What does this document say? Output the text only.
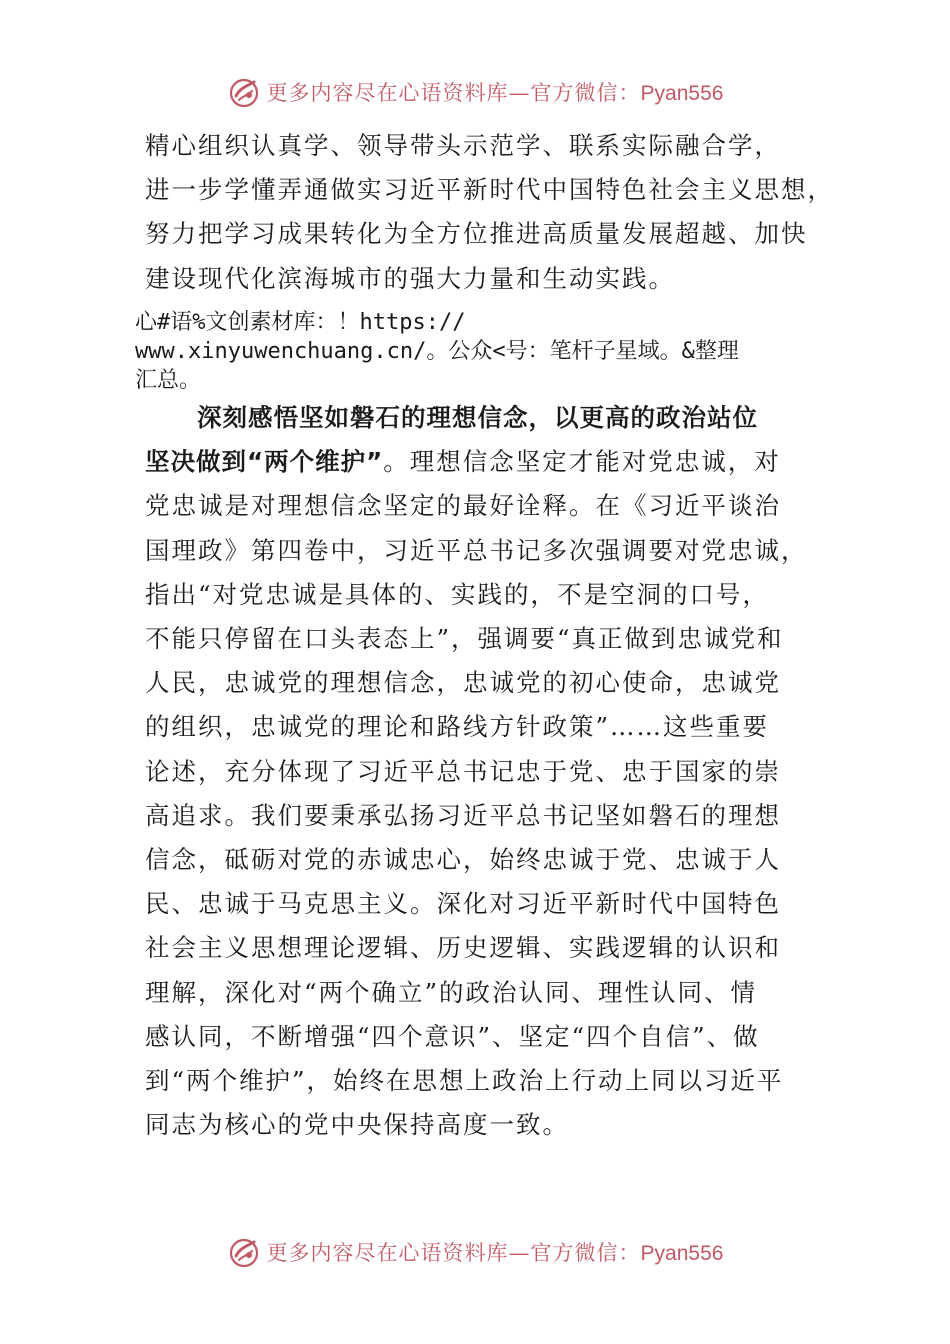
更多内容尽在心语资料库—官方微信：Pyan556
精心组织认真学、领导带头示范学、联系实际融合学，
进一步学懂弄通做实习近平新时代中国特色社会主义思想，
努力把学习成果转化为全方位推进高质量发展超越、加快
建设现代化滨海城市的强大力量和生动实践。
心#语%文创素材库：！https://
www.xinyuwenchuang.cn/。公众<号：笔杆子星域。&整理
汇总。
深刻感悟坚如磐石的理想信念，以更高的政治站位
坚决做到“两个维护”。理想信念坚定才能对党忠诚，对
党忠诚是对理想信念坚定的最好诠释。在《习近平谈治
国理政》第四卷中，习近平总书记多次强调要对党忠诚，
指出“对党忠诚是具体的、实践的，不是空洞的口号，
不能只停留在口头表态上”，强调要“真正做到忠诚党和
人民，忠诚党的理想信念，忠诚党的初心使命，忠诚党
的组织，忠诚党的理论和路线方针政策”……这些重要
论述，充分体现了习近平总书记忠于党、忠于国家的崇
高追求。我们要秉承弘扬习近平总书记坚如磐石的理想
信念，砥砺对党的赤诚忠心，始终忠诚于党、忠诚于人
民、忠诚于马克思主义。深化对习近平新时代中国特色
社会主义思想理论逻辑、历史逻辑、实践逻辑的认识和
理解，深化对“两个确立”的政治认同、理性认同、情
感认同，不断增强“四个意识”、坚定“四个自信”、做
到“两个维护”，始终在思想上政治上行动上同以习近平
同志为核心的党中央保持高度一致。
更多内容尽在心语资料库—官方微信：Pyan556
